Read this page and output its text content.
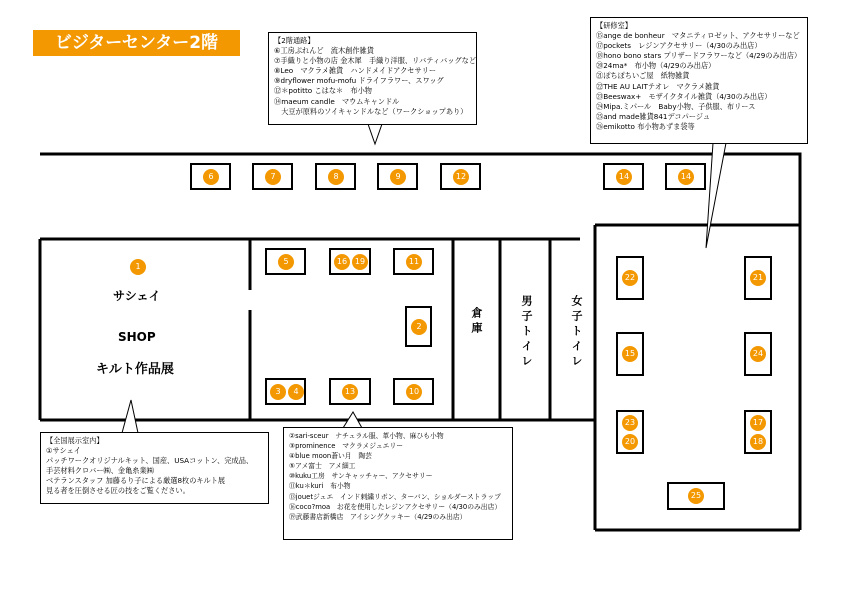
ビジターセンター2階
6	7	8	9	12	14	14
1
サシェイ
SHOP
キルト作品展
5	16 19	11
2
3	4	13	10
倉庫	男子トイレ	女子トイレ
22	21
15	24
23
20
17
18
25
【2階通路】
⑥工房ぷれんど　流木創作雑貨
⑦手織りと小物の店 金木犀　手織り洋服、リバティバッグなど
⑧Leo　マクラメ雑貨　ハンドメイドアクセサリー
⑨dryflower mofu-mofu ドライフラワー、スワッグ
⑫＊potitto こはな＊　布小物
⑭maeum candle　マウムキャンドル
　大豆が原料のソイキャンドルなど（ワークショップあり）
【研修室】
⑮ange de bonheur　マタニティロゼット、アクセサリーなど
⑰pockets　レジンアクセサリー（4/30のみ出店）
⑱hono bono stars プリザードフラワーなど（4/29のみ出店）
⑳24ma*　布小物（4/29のみ出店）
㉑ぽちぽちいご屋　紙物雑貨
㉒THE AU LAITテオレ　マクラメ雑貨
㉓Beeswax+　モザイクタイル雑貨（4/30のみ出店）
㉔Mipa.ミパール　Baby小物、子供服、布リース
㉕and made雑貨841デコパージュ
㉖emikotto 布小物あずま袋等
【全国展示室内】
①サシェイ
パッチワークオリジナルキット、国産、USAコットン、完成品、
手芸材料クロバー㈱、金亀糸業㈱
ベテランスタッフ 加藤るり子による厳選8枚のキルト展
見る者を圧倒させる匠の技をご覧ください。
②sari-sceur　ナチュラル服、革小物、麻ひも小物
③prominence　マクラメジュエリー
④blue moon蒼い月　陶芸
⑤アメ富士　アメ細工
⑩kuku工房　サンキャッチャー、アクセサリー
⑪ku＊kuri　布小物
⑬jouetジュエ　インド刺繍リボン、ターバン、ショルダーストラップ
⑯coco?moa　お花を使用したレジンアクセサリー（4/30のみ出店）
⑲武藤書店新橋店　アイシングクッキー（4/29のみ出店）
